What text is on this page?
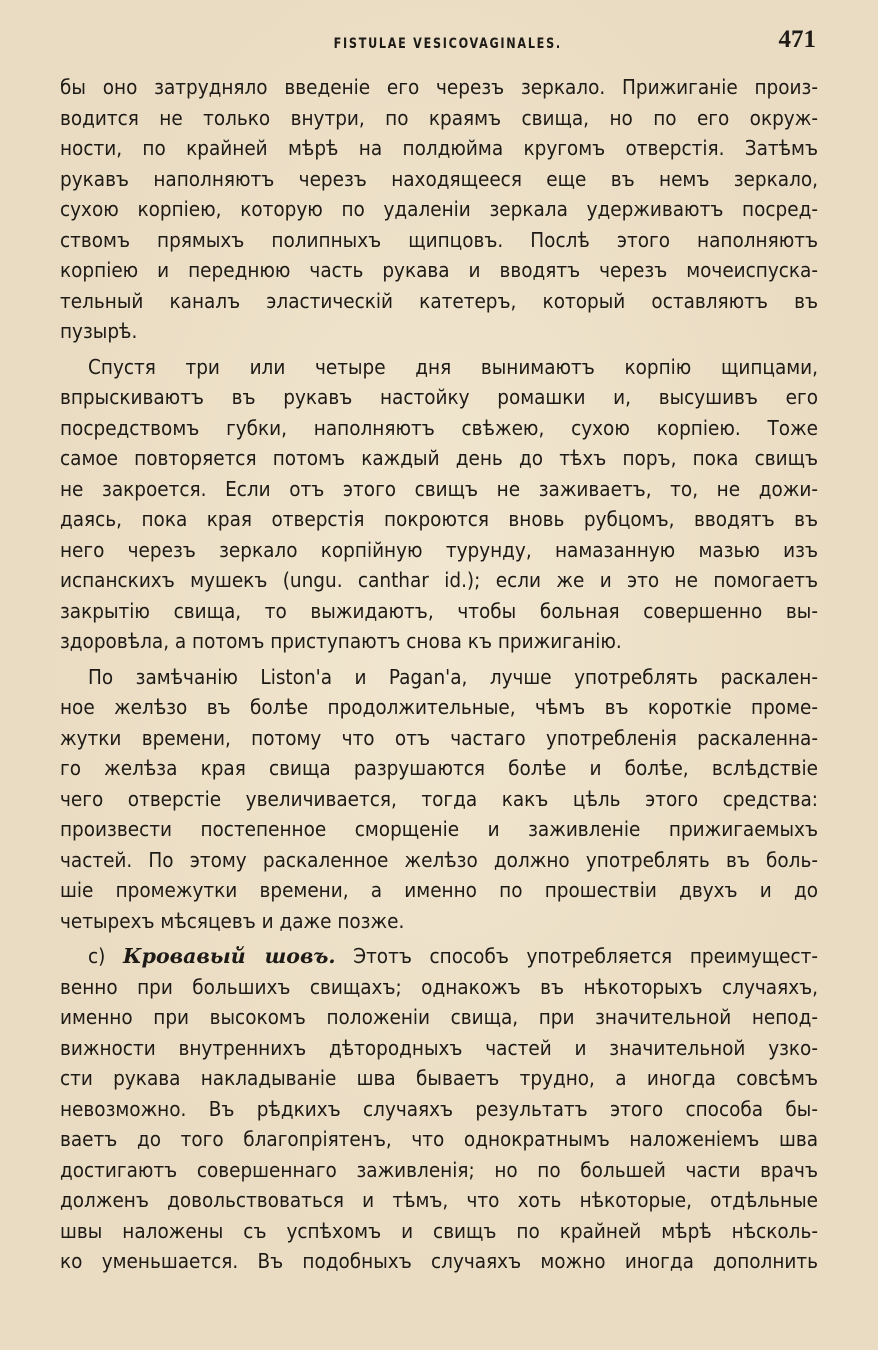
FISTULAE VESICOVAGINALES.	471
бы оно затрудняло введенiе его черезъ зеркало. Прижиганiе произ-
водится не только внутри, по краямъ свища, но по его окруж-
ности, по крайней мѣрѣ на полдюйма кругомъ отверстiя. Затѣмъ
рукавъ наполняютъ черезъ находящееся еще въ немъ зеркало,
сухою корпiею, которую по удаленiи зеркала удерживаютъ посред-
ствомъ прямыхъ полипныхъ щипцовъ. Послѣ этого наполняютъ
корпiею и переднюю часть рукава и вводятъ черезъ мочеиспуска-
тельный каналъ эластическiй катетеръ, который оставляютъ въ
пузырѣ.
Спустя три или четыре дня вынимаютъ корпiю щипцами,
впрыскиваютъ въ рукавъ настойку ромашки и, высушивъ его
посредствомъ губки, наполняютъ свѣжею, сухою корпiею. Тоже
самое повторяется потомъ каждый день до тѣхъ поръ, пока свищъ
не закроется. Если отъ этого свищъ не заживаетъ, то, не дожи-
даясь, пока края отверстiя покроются вновь рубцомъ, вводятъ въ
него черезъ зеркало корпiйную турунду, намазанную мазью изъ
испанскихъ мушекъ (ungu. canthar id.); если же и это не помогаетъ
закрытiю свища, то выжидаютъ, чтобы больная совершенно вы-
здоровѣла, а потомъ приступаютъ снова къ прижиганiю.
По замѣчанiю Liston'a и Pagan'a, лучше употреблять раскален-
ное желѣзо въ болѣе продолжительные, чѣмъ въ короткiе проме-
жутки времени, потому что отъ частаго употребленiя раскаленна-
го желѣза края свища разрушаются болѣе и болѣе, вслѣдствiе
чего отверстiе увеличивается, тогда какъ цѣль этого средства:
произвести постепенное сморщенiе и заживленiе прижигаемыхъ
частей. По этому раскаленное желѣзо должно употреблять въ боль-
шiе промежутки времени, а именно по прошествiи двухъ и до
четырехъ мѣсяцевъ и даже позже.
c) Кровавый шовъ. Этотъ способъ употребляется преимущест-
венно при большихъ свищахъ; однакожъ въ нѣкоторыхъ случаяхъ,
именно при высокомъ положенiи свища, при значительной непод-
вижности внутреннихъ дѣтородныхъ частей и значительной узко-
сти рукава накладыванiе шва бываетъ трудно, а иногда совсѣмъ
невозможно. Въ рѣдкихъ случаяхъ результатъ этого способа бы-
ваетъ до того благопрiятенъ, что однократнымъ наложенiемъ шва
достигаютъ совершеннаго заживленiя; но по большей части врачъ
долженъ довольствоваться и тѣмъ, что хоть нѣкоторые, отдѣльные
швы наложены съ успѣхомъ и свищъ по крайней мѣрѣ нѣсколь-
ко уменьшается. Въ подобныхъ случаяхъ можно иногда дополнить
